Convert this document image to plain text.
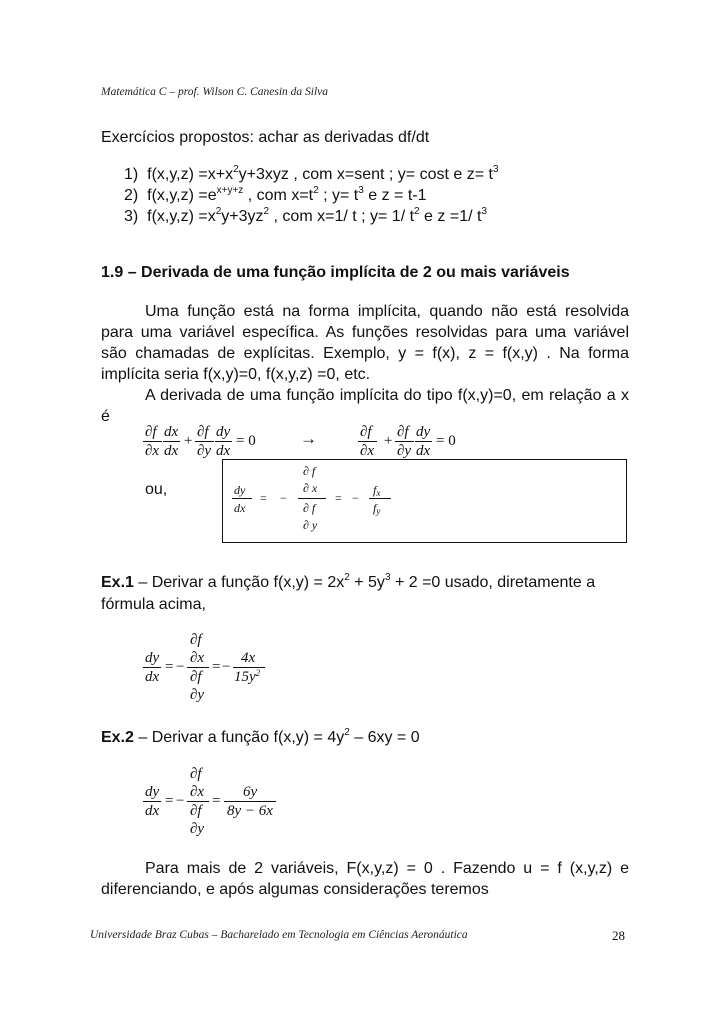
Matemática C – prof. Wilson C. Canesin da Silva
Exercícios propostos: achar as derivadas df/dt
1) $f(x,y,z) =x+x^2y+3xyz$ , com x=sent ; y= cost e $z= t^3$
2) $f(x,y,z) =e^{x+y+z}$ , com $x=t^2$ ; $y= t^3$ e z = t-1
3) $f(x,y,z) =x^2y+3yz^2$ , com x=1/ t ; y= 1/ $t^2$ e z =1/ $t^3$
1.9 – Derivada de uma função implícita de 2 ou mais variáveis
Uma função está na forma implícita, quando não está resolvida para uma variável específica. As funções resolvidas para uma variável são chamadas de explícitas. Exemplo, y = f(x), z = f(x,y) . Na forma implícita seria f(x,y)=0, f(x,y,z) =0, etc.
A derivada de uma função implícita do tipo f(x,y)=0, em relação a x é
∂f
∂x
dx
dx
+
∂f
∂y
dy
dx
= 0	→	∂f
∂x
+
∂f
∂y
dy
dx
= 0
ou,	dy
dx
= −
∂ f
∂ x
∂ f
∂ y
= −
$f_x$
$f_y$
Ex.1 – Derivar a função $f(x,y) = 2x^2 + 5y^3 + 2 =0$ usado, diretamente a
fórmula acima,
dy
dx
= −
∂f
∂x
∂f
∂y
= −
4x
$15y^2$
Ex.2 – Derivar a função $f(x,y) = 4y^2 - 6xy = 0$
dy
dx
= −
∂f
∂x
∂f
∂y
=
6y
8y − 6x
Para mais de 2 variáveis, F(x,y,z) = 0 . Fazendo u = f (x,y,z) e diferenciando, e após algumas considerações teremos
Universidade Braz Cubas – Bacharelado em Tecnologia em Ciências Aeronáutica	28
